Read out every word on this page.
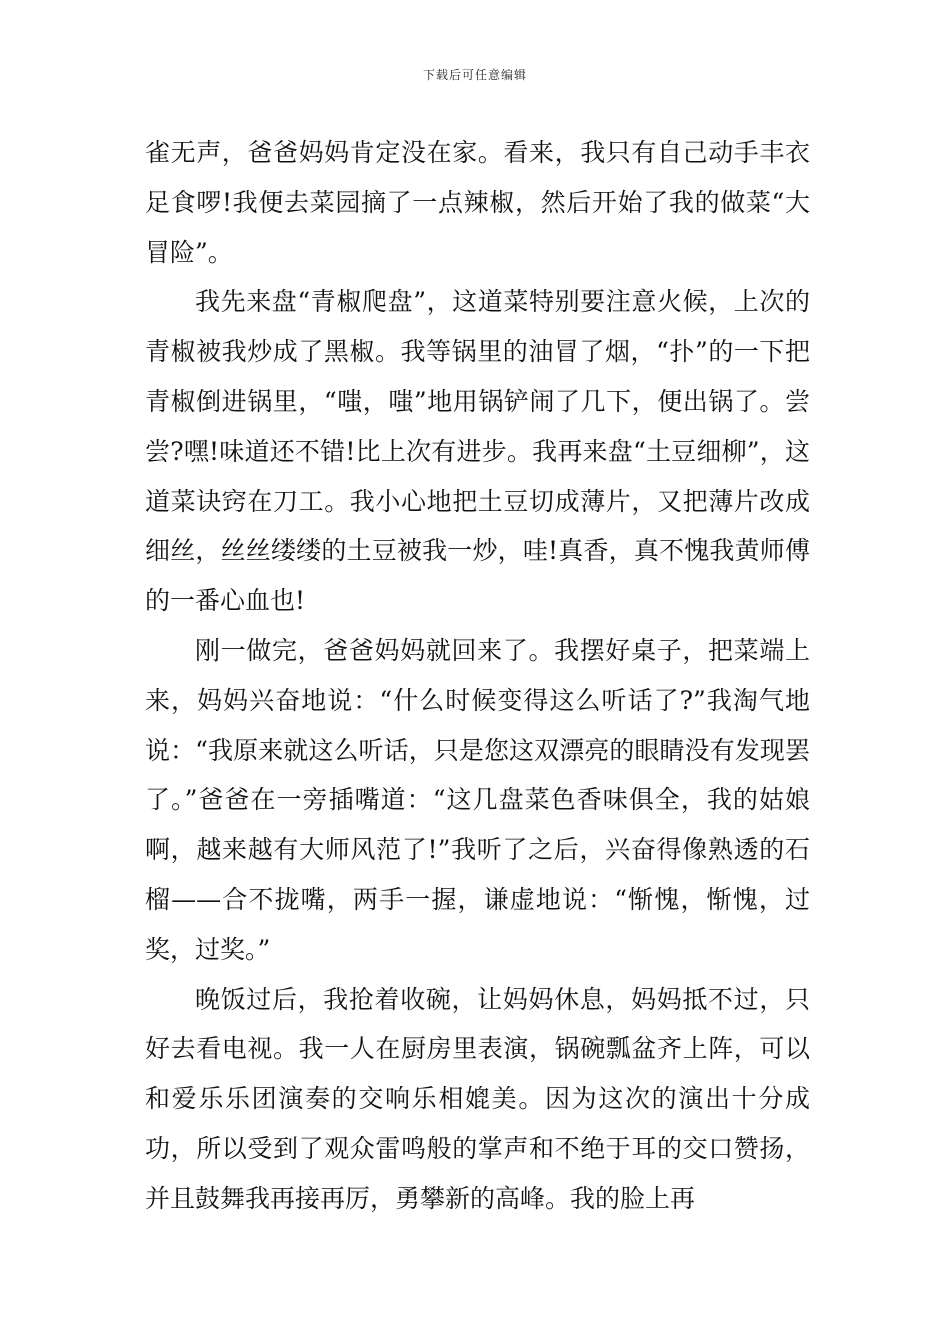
下载后可任意编辑

雀无声，爸爸妈妈肯定没在家。看来，我只有自己动手丰衣足食啰!我便去菜园摘了一点辣椒，然后开始了我的做菜“大冒险”。

我先来盘“青椒爬盘”，这道菜特别要注意火候，上次的青椒被我炒成了黑椒。我等锅里的油冒了烟，“扑”的一下把青椒倒进锅里，“嗤，嗤”地用锅铲闹了几下，便出锅了。尝尝?嘿!味道还不错!比上次有进步。我再来盘“土豆细柳”，这道菜诀窍在刀工。我小心地把土豆切成薄片，又把薄片改成细丝，丝丝缕缕的土豆被我一炒，哇!真香，真不愧我黄师傅的一番心血也!

刚一做完，爸爸妈妈就回来了。我摆好桌子，把菜端上来，妈妈兴奋地说：“什么时候变得这么听话了?”我淘气地说：“我原来就这么听话，只是您这双漂亮的眼睛没有发现罢了。”爸爸在一旁插嘴道：“这几盘菜色香味俱全，我的姑娘啊，越来越有大师风范了!”我听了之后，兴奋得像熟透的石榴——合不拢嘴，两手一握，谦虚地说：“惭愧，惭愧，过奖，过奖。”

晚饭过后，我抢着收碗，让妈妈休息，妈妈抵不过，只好去看电视。我一人在厨房里表演，锅碗瓢盆齐上阵，可以和爱乐乐团演奏的交响乐相媲美。因为这次的演出十分成功，所以受到了观众雷鸣般的掌声和不绝于耳的交口赞扬，并且鼓舞我再接再厉，勇攀新的高峰。我的脸上再
